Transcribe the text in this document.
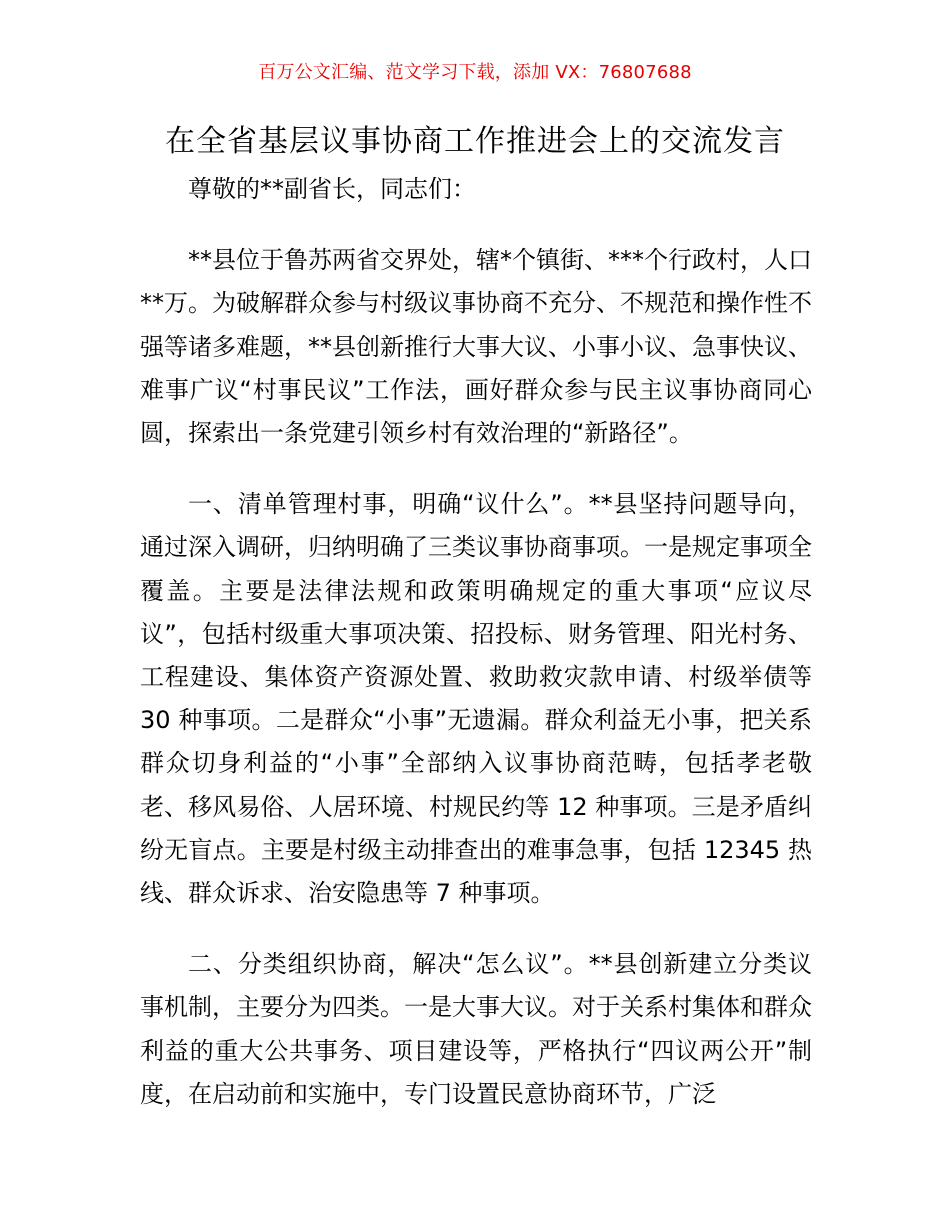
百万公文汇编、范文学习下载，添加 VX：76807688
在全省基层议事协商工作推进会上的交流发言

尊敬的**副省长，同志们：

**县位于鲁苏两省交界处，辖*个镇街、***个行政村，人口**万。为破解群众参与村级议事协商不充分、不规范和操作性不强等诸多难题，**县创新推行大事大议、小事小议、急事快议、难事广议“村事民议”工作法，画好群众参与民主议事协商同心圆，探索出一条党建引领乡村有效治理的“新路径”。

一、清单管理村事，明确“议什么”。**县坚持问题导向，通过深入调研，归纳明确了三类议事协商事项。一是规定事项全覆盖。主要是法律法规和政策明确规定的重大事项“应议尽议”，包括村级重大事项决策、招投标、财务管理、阳光村务、工程建设、集体资产资源处置、救助救灾款申请、村级举债等 30 种事项。二是群众“小事”无遗漏。群众利益无小事，把关系群众切身利益的“小事”全部纳入议事协商范畴，包括孝老敬老、移风易俗、人居环境、村规民约等 12 种事项。三是矛盾纠纷无盲点。主要是村级主动排查出的难事急事，包括 12345 热线、群众诉求、治安隐患等 7 种事项。

二、分类组织协商，解决“怎么议”。**县创新建立分类议事机制，主要分为四类。一是大事大议。对于关系村集体和群众利益的重大公共事务、项目建设等，严格执行“四议两公开”制度，在启动前和实施中，专门设置民意协商环节，广泛
